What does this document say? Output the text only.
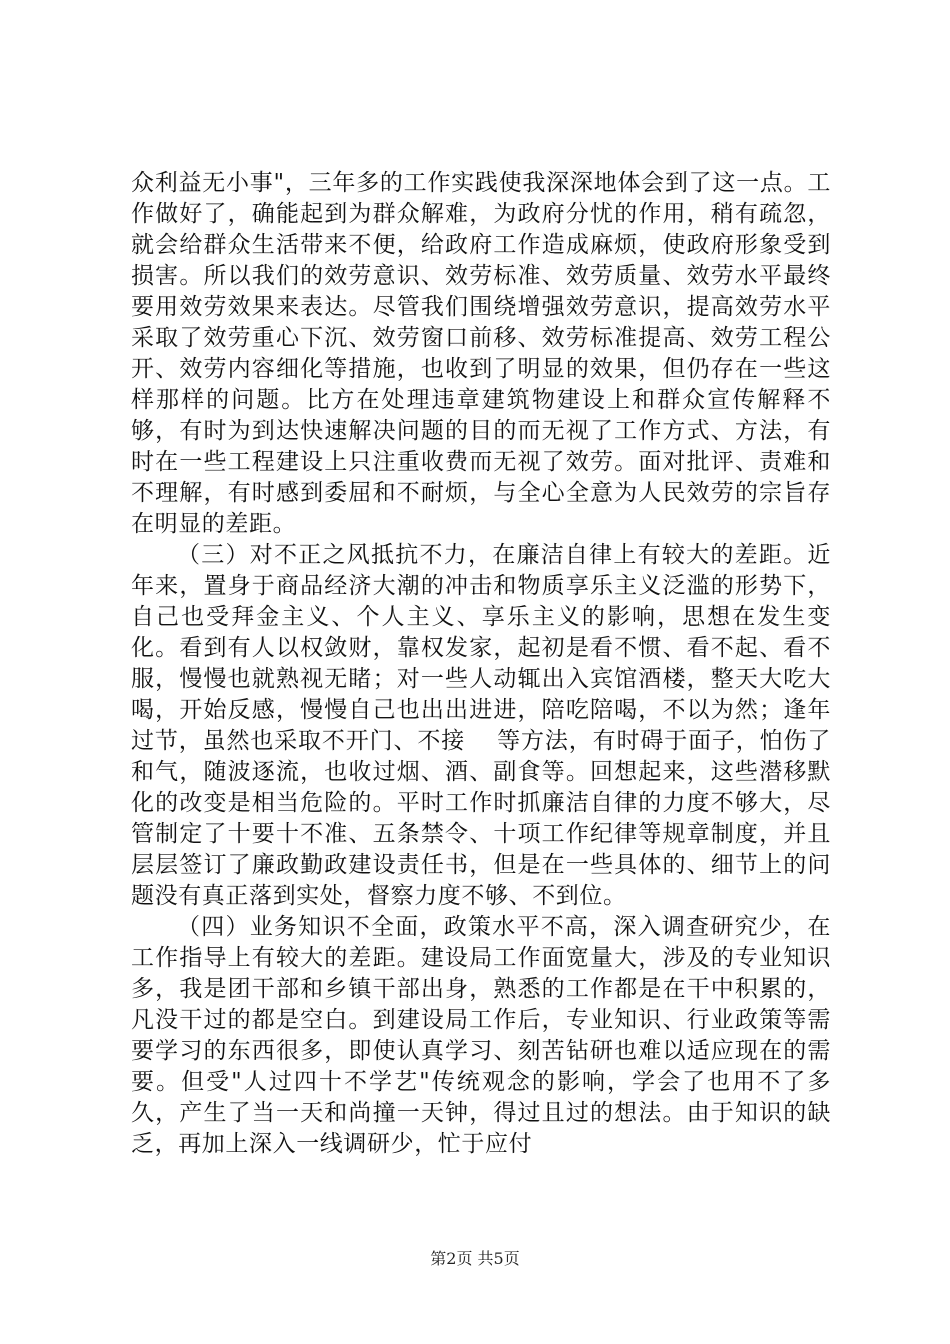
众利益无小事"，三年多的工作实践使我深深地体会到了这一点。工作做好了，确能起到为群众解难，为政府分忧的作用，稍有疏忽，就会给群众生活带来不便，给政府工作造成麻烦，使政府形象受到损害。所以我们的效劳意识、效劳标准、效劳质量、效劳水平最终要用效劳效果来表达。尽管我们围绕增强效劳意识，提高效劳水平采取了效劳重心下沉、效劳窗口前移、效劳标准提高、效劳工程公开、效劳内容细化等措施，也收到了明显的效果，但仍存在一些这样那样的问题。比方在处理违章建筑物建设上和群众宣传解释不够，有时为到达快速解决问题的目的而无视了工作方式、方法，有时在一些工程建设上只注重收费而无视了效劳。面对批评、责难和不理解，有时感到委屈和不耐烦，与全心全意为人民效劳的宗旨存在明显的差距。

（三）对不正之风抵抗不力，在廉洁自律上有较大的差距。近年来，置身于商品经济大潮的冲击和物质享乐主义泛滥的形势下，自己也受拜金主义、个人主义、享乐主义的影响，思想在发生变化。看到有人以权敛财，靠权发家，起初是看不惯、看不起、看不服，慢慢也就熟视无睹；对一些人动辄出入宾馆酒楼，整天大吃大喝，开始反感，慢慢自己也出出进进，陪吃陪喝，不以为然；逢年过节，虽然也采取不开门、不接　 等方法，有时碍于面子，怕伤了和气，随波逐流，也收过烟、酒、副食等。回想起来，这些潜移默化的改变是相当危险的。平时工作时抓廉洁自律的力度不够大，尽管制定了十要十不准、五条禁令、十项工作纪律等规章制度，并且层层签订了廉政勤政建设责任书，但是在一些具体的、细节上的问题没有真正落到实处，督察力度不够、不到位。

（四）业务知识不全面，政策水平不高，深入调查研究少，在工作指导上有较大的差距。建设局工作面宽量大，涉及的专业知识多，我是团干部和乡镇干部出身，熟悉的工作都是在干中积累的，凡没干过的都是空白。到建设局工作后，专业知识、行业政策等需要学习的东西很多，即使认真学习、刻苦钻研也难以适应现在的需要。但受"人过四十不学艺"传统观念的影响，学会了也用不了多久，产生了当一天和尚撞一天钟，得过且过的想法。由于知识的缺乏，再加上深入一线调研少，忙于应付

第2页 共5页
